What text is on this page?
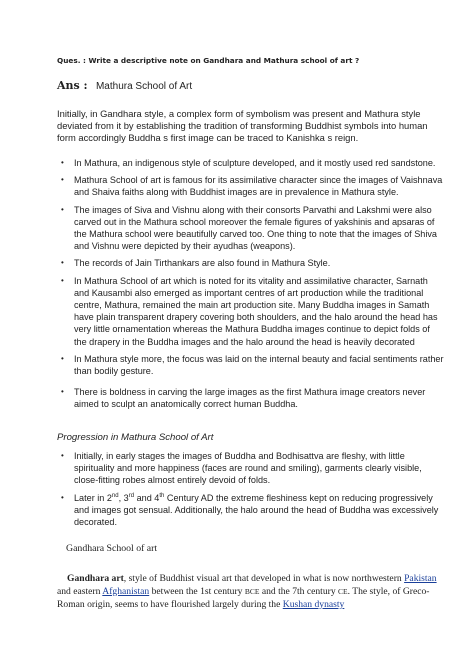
Ques. : Write a descriptive note on Gandhara and Mathura school of art ?
Ans : Mathura School of Art
Initially, in Gandhara style, a complex form of symbolism was present and Mathura style deviated from it by establishing the tradition of transforming Buddhist symbols into human form accordingly Buddha s first image can be traced to Kanishka s reign.
• In Mathura, an indigenous style of sculpture developed, and it mostly used red sandstone.
• Mathura School of art is famous for its assimilative character since the images of Vaishnava and Shaiva faiths along with Buddhist images are in prevalence in Mathura style.
• The images of Siva and Vishnu along with their consorts Parvathi and Lakshmi were also carved out in the Mathura school moreover the female figures of yakshinis and apsaras of the Mathura school were beautifully carved too. One thing to note that the images of Shiva and Vishnu were depicted by their ayudhas (weapons).
• The records of Jain Tirthankars are also found in Mathura Style.
• In Mathura School of art which is noted for its vitality and assimilative character, Sarnath and Kausambi also emerged as important centres of art production while the traditional centre, Mathura, remained the main art production site. Many Buddha images in Samath have plain transparent drapery covering both shoulders, and the halo around the head has very little ornamentation whereas the Mathura Buddha images continue to depict folds of the drapery in the Buddha images and the halo around the head is heavily decorated
• In Mathura style more, the focus was laid on the internal beauty and facial sentiments rather than bodily gesture.
• There is boldness in carving the large images as the first Mathura image creators never aimed to sculpt an anatomically correct human Buddha.
Progression in Mathura School of Art
• Initially, in early stages the images of Buddha and Bodhisattva are fleshy, with little spirituality and more happiness (faces are round and smiling), garments clearly visible, close-fitting robes almost entirely devoid of folds.
• Later in 2nd, 3rd and 4th Century AD the extreme fleshiness kept on reducing progressively and images got sensual. Additionally, the halo around the head of Buddha was excessively decorated.
Gandhara School of art
Gandhara art, style of Buddhist visual art that developed in what is now northwestern Pakistan and eastern Afghanistan between the 1st century BCE and the 7th century CE. The style, of Greco-Roman origin, seems to have flourished largely during the Kushan dynasty
